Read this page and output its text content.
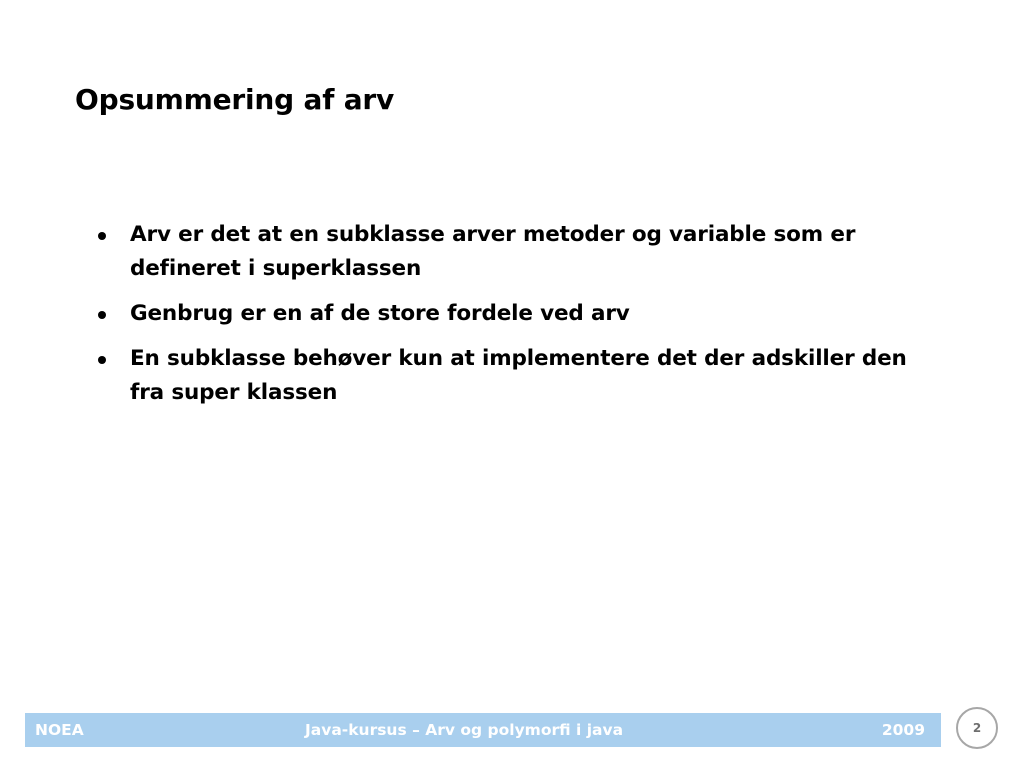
Opsummering af arv
Arv er det at en subklasse arver metoder og variable som er defineret i superklassen
Genbrug er en af de store fordele ved arv
En subklasse behøver kun at implementere det der adskiller den fra super klassen
NOEA	Java-kursus – Arv og polymorfi i java	2009	2
